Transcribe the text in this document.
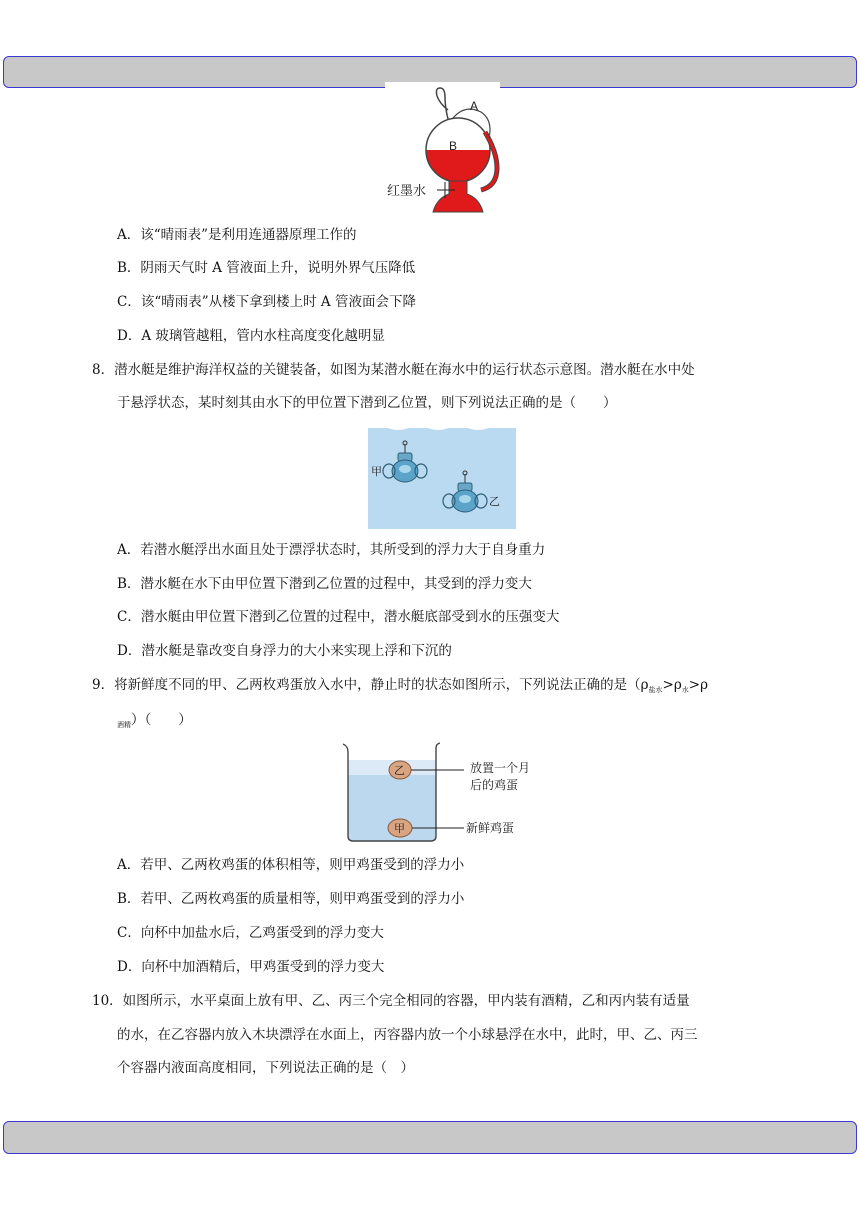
A
B
红墨水
A．该“晴雨表”是利用连通器原理工作的
B．阴雨天气时 A 管液面上升，说明外界气压降低
C．该“晴雨表”从楼下拿到楼上时 A 管液面会下降
D．A 玻璃管越粗，管内水柱高度变化越明显
8．潜水艇是维护海洋权益的关键装备，如图为某潜水艇在海水中的运行状态示意图。潜水艇在水中处
于悬浮状态，某时刻其由水下的甲位置下潜到乙位置，则下列说法正确的是（　　）
甲
乙
A．若潜水艇浮出水面且处于漂浮状态时，其所受到的浮力大于自身重力
B．潜水艇在水下由甲位置下潜到乙位置的过程中，其受到的浮力变大
C．潜水艇由甲位置下潜到乙位置的过程中，潜水艇底部受到水的压强变大
D．潜水艇是靠改变自身浮力的大小来实现上浮和下沉的
9．将新鲜度不同的甲、乙两枚鸡蛋放入水中，静止时的状态如图所示，下列说法正确的是（$\rho_{盐水}>\rho_水>\rho$
$_{酒精}$）（　　）
乙
甲
放置一个月
后的鸡蛋
新鲜鸡蛋
A．若甲、乙两枚鸡蛋的体积相等，则甲鸡蛋受到的浮力小
B．若甲、乙两枚鸡蛋的质量相等，则甲鸡蛋受到的浮力小
C．向杯中加盐水后，乙鸡蛋受到的浮力变大
D．向杯中加酒精后，甲鸡蛋受到的浮力变大
10．如图所示，水平桌面上放有甲、乙、丙三个完全相同的容器，甲内装有酒精，乙和丙内装有适量
的水，在乙容器内放入木块漂浮在水面上，丙容器内放一个小球悬浮在水中，此时，甲、乙、丙三
个容器内液面高度相同，下列说法正确的是（　）
